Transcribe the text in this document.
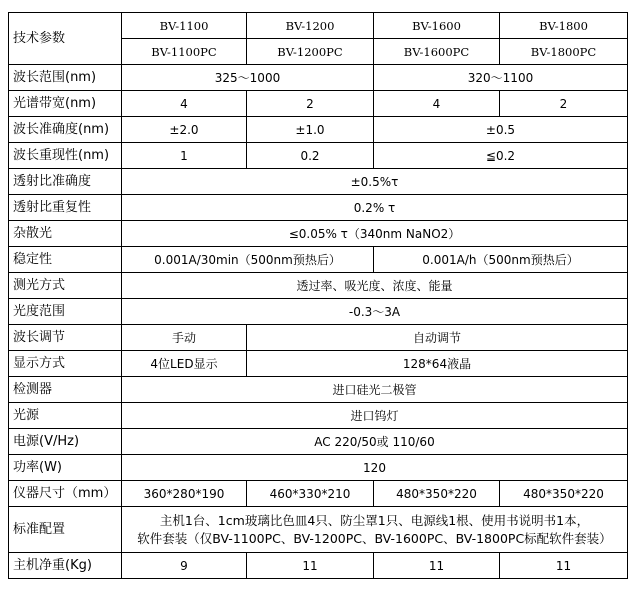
技术参数	BV-1100	BV-1200	BV-1600	BV-1800
	BV-1100PC	BV-1200PC	BV-1600PC	BV-1800PC
波长范围(nm)	325～1000		320～1100	
光谱带宽(nm)	4	2	4	2
波长准确度(nm)	±2.0	±1.0	±0.5	
波长重现性(nm)	1	0.2	≦0.2	
透射比准确度	±0.5%τ			
透射比重复性	0.2% τ			
杂散光	≤0.05% τ（340nm NaNO2）			
稳定性	0.001A/30min（500nm预热后）		0.001A/h（500nm预热后）	
测光方式	透过率、吸光度、浓度、能量			
光度范围	-0.3～3A			
波长调节	手动	自动调节		
显示方式	4位LED显示	128*64液晶		
检测器	进口硅光二极管			
光源	进口钨灯			
电源(V/Hz)	AC 220/50或 110/60			
功率(W)	120			
仪器尺寸（mm）	360*280*190	460*330*210	480*350*220	480*350*220
标准配置	主机1台、1cm玻璃比色皿4只、防尘罩1只、电源线1根、使用书说明书1本，
软件套装（仅BV-1100PC、BV-1200PC、BV-1600PC、BV-1800PC标配软件套装）			

主机净重(Kg)	9	11	11	11
